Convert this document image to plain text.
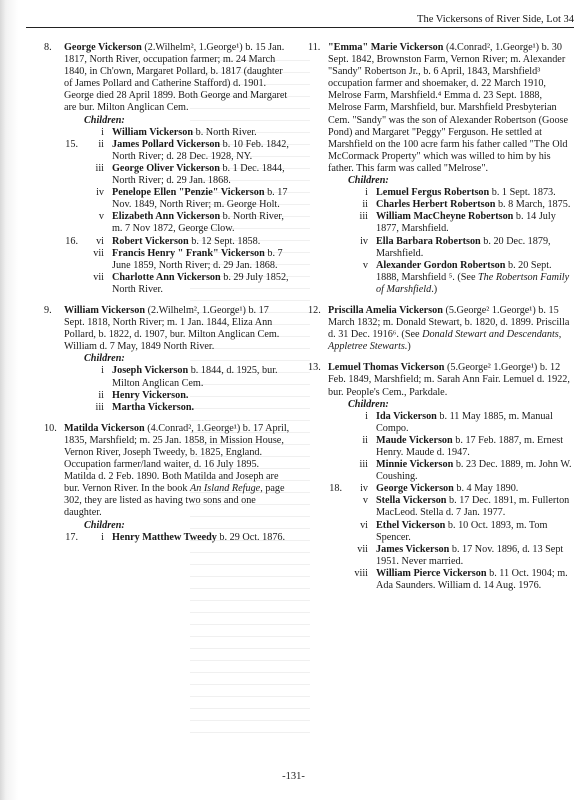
The Vickersons of River Side, Lot 34
8.	George Vickerson (2.Wilhelm², 1.George¹) b. 15 Jan. 1817, North River, occupation farmer; m. 24 March 1840, in Ch'own, Margaret Pollard, b. 1817 (daughter of James Pollard and Catherine Stafford) d. 1901. George died 28 April 1899. Both George and Margaret are bur. Milton Anglican Cem.
Children:
i William Vickerson b. North River.
15.	ii James Pollard Vickerson b. 10 Feb. 1842, North River; d. 28 Dec. 1928, NY.
iii George Oliver Vickerson b. 1 Dec. 1844, North River; d. 29 Jan. 1868.
iv Penelope Ellen "Penzie" Vickerson b. 17 Nov. 1849, North River; m. George Holt.
v Elizabeth Ann Vickerson b. North River, m. 7 Nov 1872, George Clow.
16.	vi Robert Vickerson b. 12 Sept. 1858.
vii Francis Henry " Frank" Vickerson b. 7 June 1859, North River; d. 29 Jan. 1868.
vii Charlotte Ann Vickerson b. 29 July 1852, North River.
9.	William Vickerson (2.Wilhelm², 1.George¹) b. 17 Sept. 1818, North River; m. 1 Jan. 1844, Eliza Ann Pollard, b. 1822, d. 1907, bur. Milton Anglican Cem. William d. 7 May, 1849 North River.
Children:
i Joseph Vickerson b. 1844, d. 1925, bur. Milton Anglican Cem.
ii Henry Vickerson.
iii Martha Vickerson.
10. Matilda Vickerson (4.Conrad², 1.George¹) b. 17 April, 1835, Marshfield; m. 25 Jan. 1858, in Mission House, Vernon River, Joseph Tweedy, b. 1825, England. Occupation farmer/land waiter, d. 16 July 1895. Matilda d. 2 Feb. 1890. Both Matilda and Joseph are bur. Vernon River. In the book An Island Refuge, page 302, they are listed as having two sons and one daughter.
Children:
17.	i Henry Matthew Tweedy b. 29 Oct. 1876.
11. "Emma" Marie Vickerson (4.Conrad², 1.George¹) b. 30 Sept. 1842, Brownston Farm, Vernon River; m. Alexander "Sandy" Robertson Jr., b. 6 April, 1843, Marshfield³ occupation farmer and shoemaker, d. 22 March 1910, Melrose Farm, Marshfield.⁴ Emma d. 23 Sept. 1888, Melrose Farm, Marshfield, bur. Marshfield Presbyterian Cem. "Sandy" was the son of Alexander Robertson (Goose Pond) and Margaret "Peggy" Ferguson. He settled at Marshfield on the 100 acre farm his father called "The Old McCormack Property" which was willed to him by his father. This farm was called "Melrose".
Children:
i Lemuel Fergus Robertson b. 1 Sept. 1873.
ii Charles Herbert Robertson b. 8 March, 1875.
iii William MacCheyne Robertson b. 14 July 1877, Marshfield.
iv Ella Barbara Robertson b. 20 Dec. 1879, Marshfield.
v Alexander Gordon Robertson b. 20 Sept. 1888, Marshfield ⁵. (See The Robertson Family of Marshfield.)
12. Priscilla Amelia Vickerson (5.George² 1.George¹) b. 15 March 1832; m. Donald Stewart, b. 1820, d. 1899. Priscilla d. 31 Dec. 1916⁶. (See Donald Stewart and Descendants, Appletree Stewarts.)
13. Lemuel Thomas Vickerson (5.George² 1.George¹) b. 12 Feb. 1849, Marshfield; m. Sarah Ann Fair. Lemuel d. 1922, bur. People's Cem., Parkdale.
Children:
i Ida Vickerson b. 11 May 1885, m. Manual Compo.
ii Maude Vickerson b. 17 Feb. 1887, m. Ernest Henry. Maude d. 1947.
iii Minnie Vickerson b. 23 Dec. 1889, m. John W. Coushing.
18.	iv George Vickerson b. 4 May 1890.
v Stella Vickerson b. 17 Dec. 1891, m. Fullerton MacLeod. Stella d. 7 Jan. 1977.
vi Ethel Vickerson b. 10 Oct. 1893, m. Tom Spencer.
vii James Vickerson b. 17 Nov. 1896, d. 13 Sept 1951. Never married.
viii William Pierce Vickerson b. 11 Oct. 1904; m. Ada Saunders. William d. 14 Aug. 1976.
-131-
